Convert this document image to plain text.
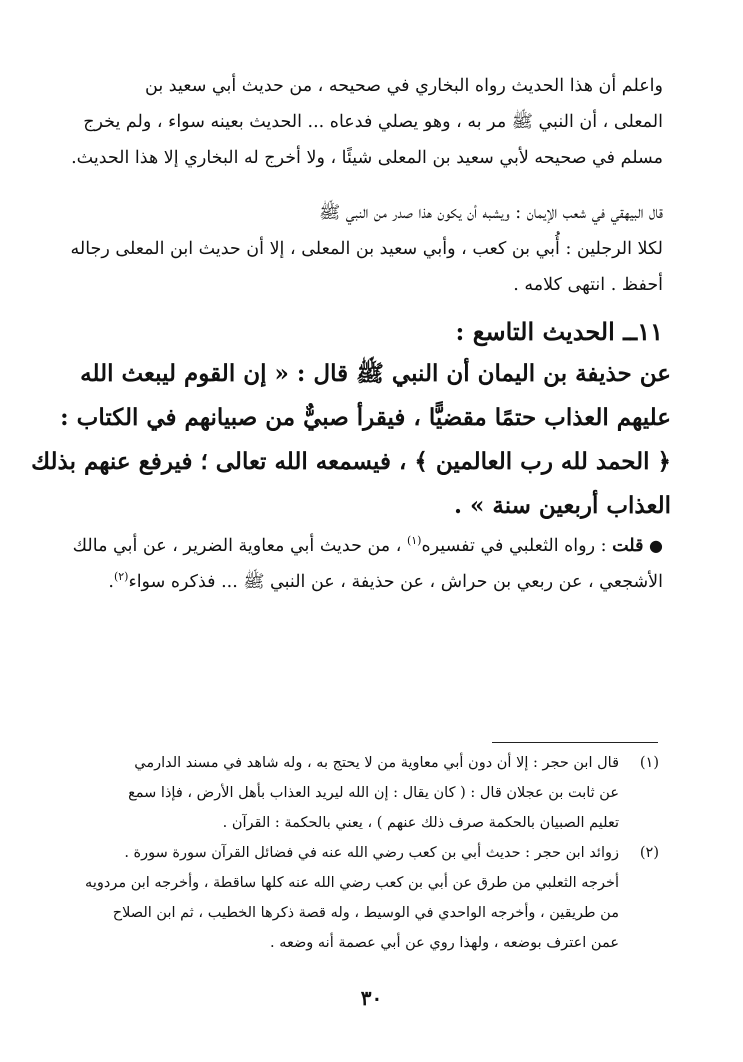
واعلم أن هذا الحديث رواه البخاري في صحيحه ، من حديث أبي سعيد بن
المعلى ، أن النبي ﷺ مر به ، وهو يصلي فدعاه ... الحديث بعينه سواء ، ولم يخرج
مسلم في صحيحه لأبي سعيد بن المعلى شيئًا ، ولا أخرج له البخاري إلا هذا الحديث.

قال البيهقي في شعب الإيمان : ويشبه أن يكون هذا صدر من النبي ﷺ
لكلا الرجلين : أُبي بن كعب ، وأبي سعيد بن المعلى ، إلا أن حديث ابن المعلى رجاله
أحفظ . انتهى كلامه .

١١ــ الحديث التاسع :

عن حذيفة بن اليمان أن النبي ﷺ قال : « إن القوم ليبعث الله
عليهم العذاب حتمًا مقضيًّا ، فيقرأ صبيٌّ من صبيانهم في الكتاب :
﴿ الحمد لله رب العالمين ﴾ ، فيسمعه الله تعالى ؛ فيرفع عنهم بذلك
العذاب أربعين سنة » .

● قلت : رواه الثعلبي في تفسيره$^{(١)}$ ، من حديث أبي معاوية الضرير ، عن أبي مالك
الأشجعي ، عن ربعي بن حراش ، عن حذيفة ، عن النبي ﷺ ... فذكره سواء$^{(٢)}$.

(١)
قال ابن حجر : إلا أن دون أبي معاوية من لا يحتج به ، وله شاهد في مسند الدارمي
عن ثابت بن عجلان قال : ( كان يقال : إن الله ليريد العذاب بأهل الأرض ، فإذا سمع
تعليم الصبيان بالحكمة صرف ذلك عنهم ) ، يعني بالحكمة : القرآن .
(٢)
زوائد ابن حجر : حديث أبي بن كعب رضي الله عنه في فضائل القرآن سورة سورة .
أخرجه الثعلبي من طرق عن أبي بن كعب رضي الله عنه كلها ساقطة ، وأخرجه ابن مردويه
من طريقين ، وأخرجه الواحدي في الوسيط ، وله قصة ذكرها الخطيب ، ثم ابن الصلاح
عمن اعترف بوضعه ، ولهذا روي عن أبي عصمة أنه وضعه .
٣٠
